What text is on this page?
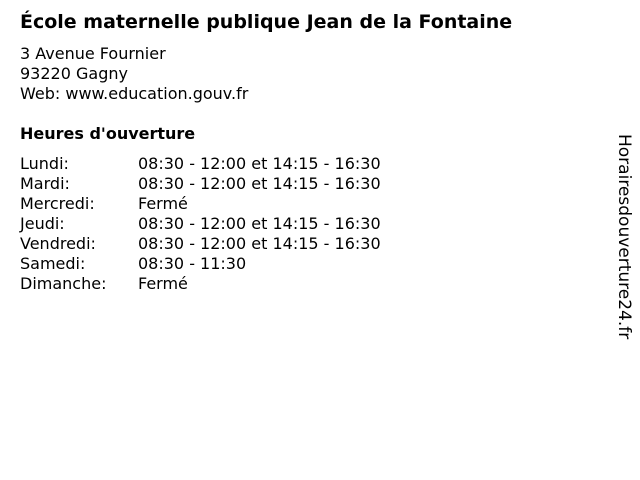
École maternelle publique Jean de la Fontaine
3 Avenue Fournier
93220 Gagny
Web: www.education.gouv.fr
Heures d'ouverture
Lundi:	08:30 - 12:00 et 14:15 - 16:30
Mardi:	08:30 - 12:00 et 14:15 - 16:30
Mercredi:	Fermé
Jeudi:	08:30 - 12:00 et 14:15 - 16:30
Vendredi:	08:30 - 12:00 et 14:15 - 16:30
Samedi:	08:30 - 11:30
Dimanche:	Fermé	Horairesdouverture24.fr
